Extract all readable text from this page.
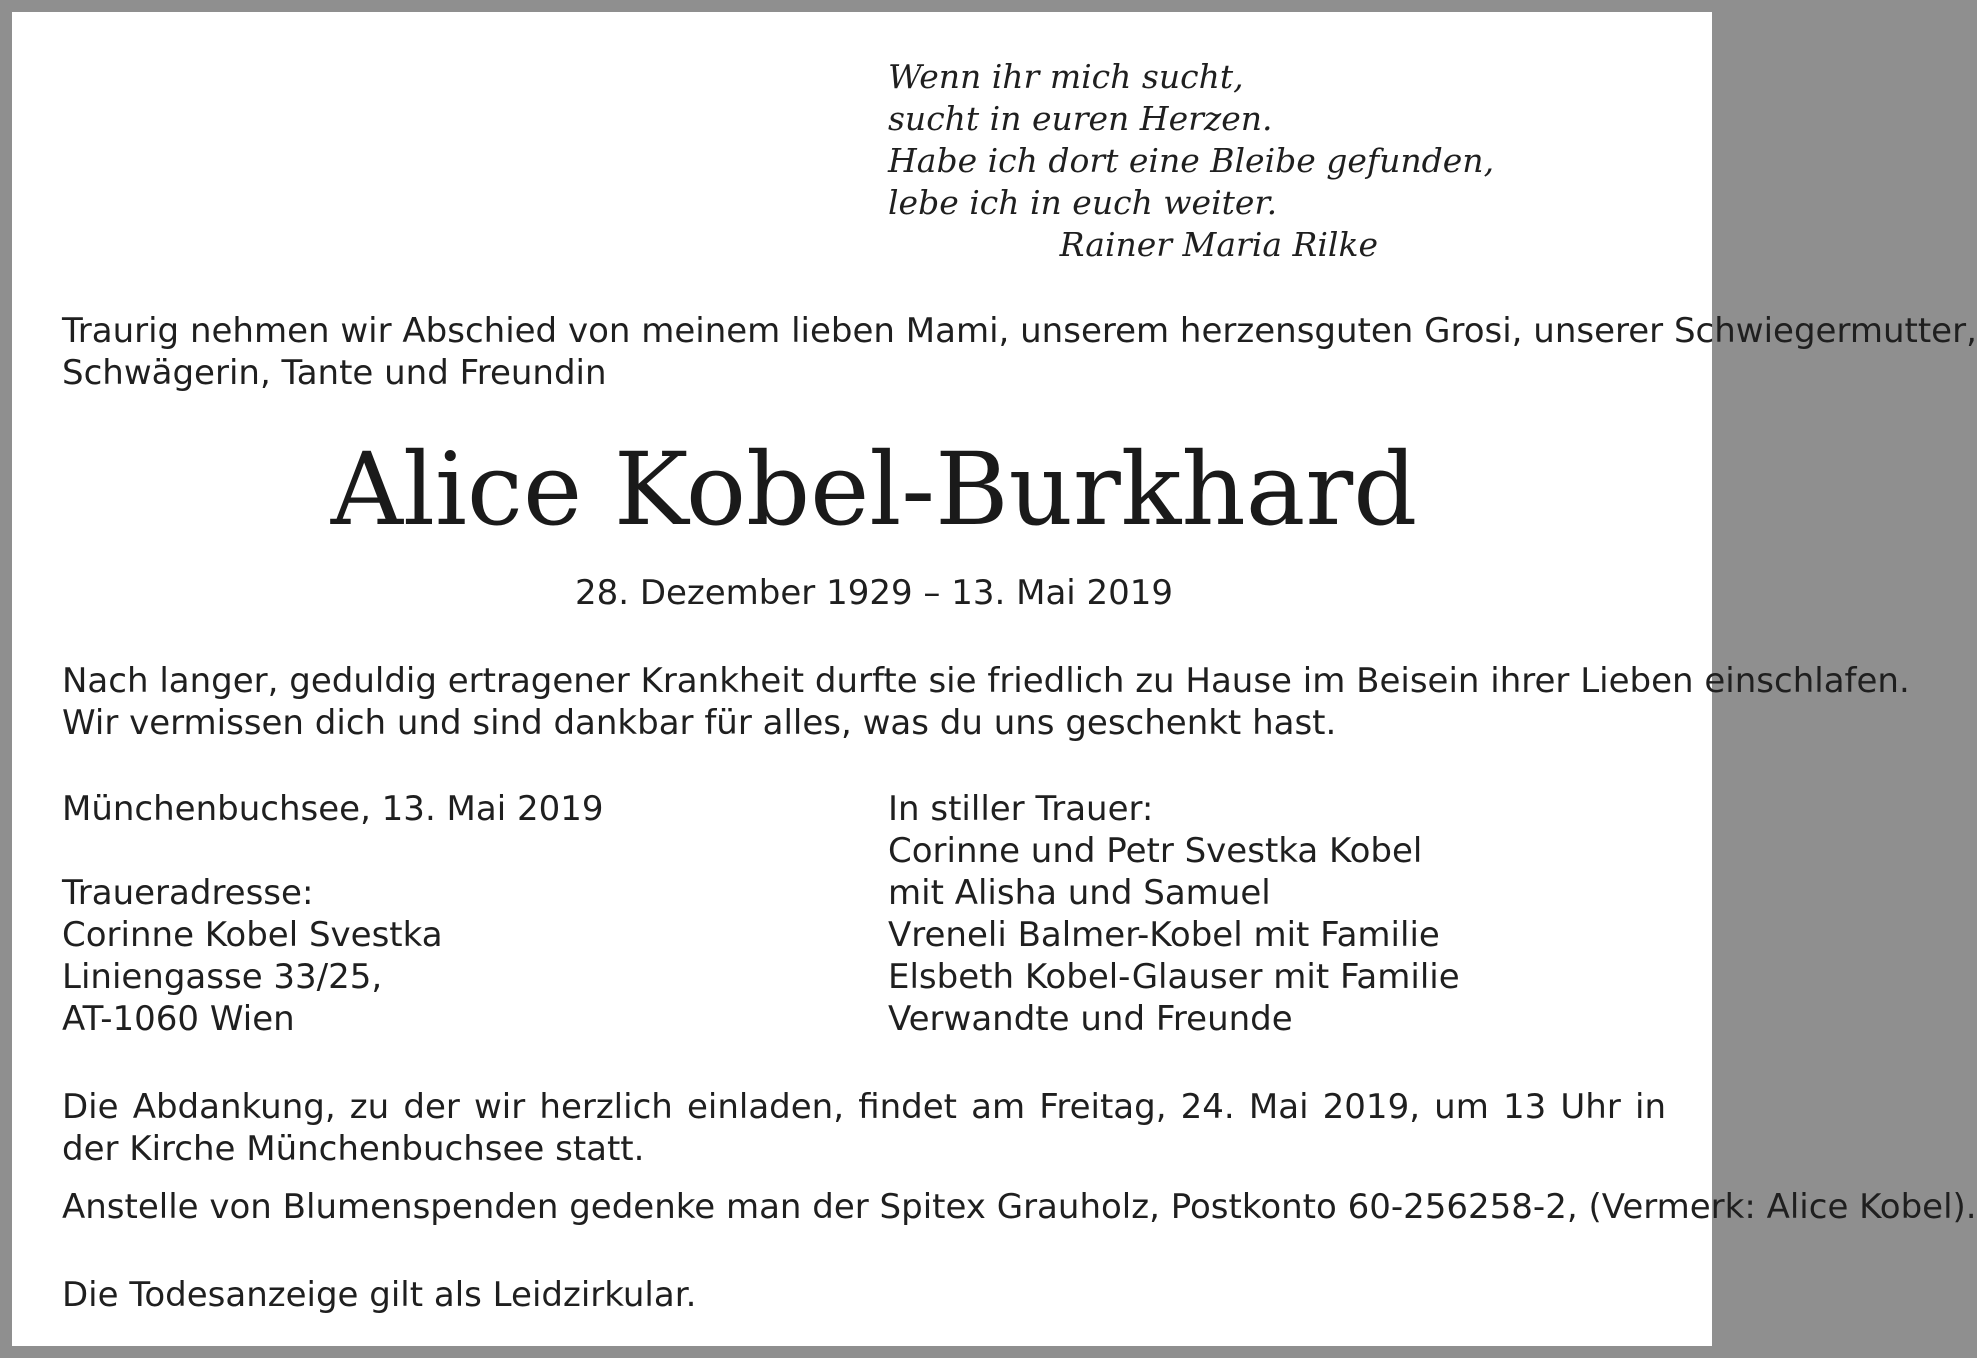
Wenn ihr mich sucht,
sucht in euren Herzen.
Habe ich dort eine Bleibe gefunden,
lebe ich in euch weiter.
Rainer Maria Rilke
Traurig nehmen wir Abschied von meinem lieben Mami, unserem herzensguten Grosi, unserer Schwiegermutter,
Schwägerin, Tante und Freundin
Alice Kobel-Burkhard
28. Dezember 1929 – 13. Mai 2019
Nach langer, geduldig ertragener Krankheit durfte sie friedlich zu Hause im Beisein ihrer Lieben einschlafen.
Wir vermissen dich und sind dankbar für alles, was du uns geschenkt hast.
Münchenbuchsee, 13. Mai 2019
Traueradresse:
Corinne Kobel Svestka
Liniengasse 33/25,
AT-1060 Wien
In stiller Trauer:
Corinne und Petr Svestka Kobel
mit Alisha und Samuel
Vreneli Balmer-Kobel mit Familie
Elsbeth Kobel-Glauser mit Familie
Verwandte und Freunde
Die Abdankung, zu der wir herzlich einladen, findet am Freitag, 24. Mai 2019, um 13 Uhr in der Kirche Münchenbuchsee statt.
Anstelle von Blumenspenden gedenke man der Spitex Grauholz, Postkonto 60-256258-2, (Vermerk: Alice Kobel).
Die Todesanzeige gilt als Leidzirkular.
